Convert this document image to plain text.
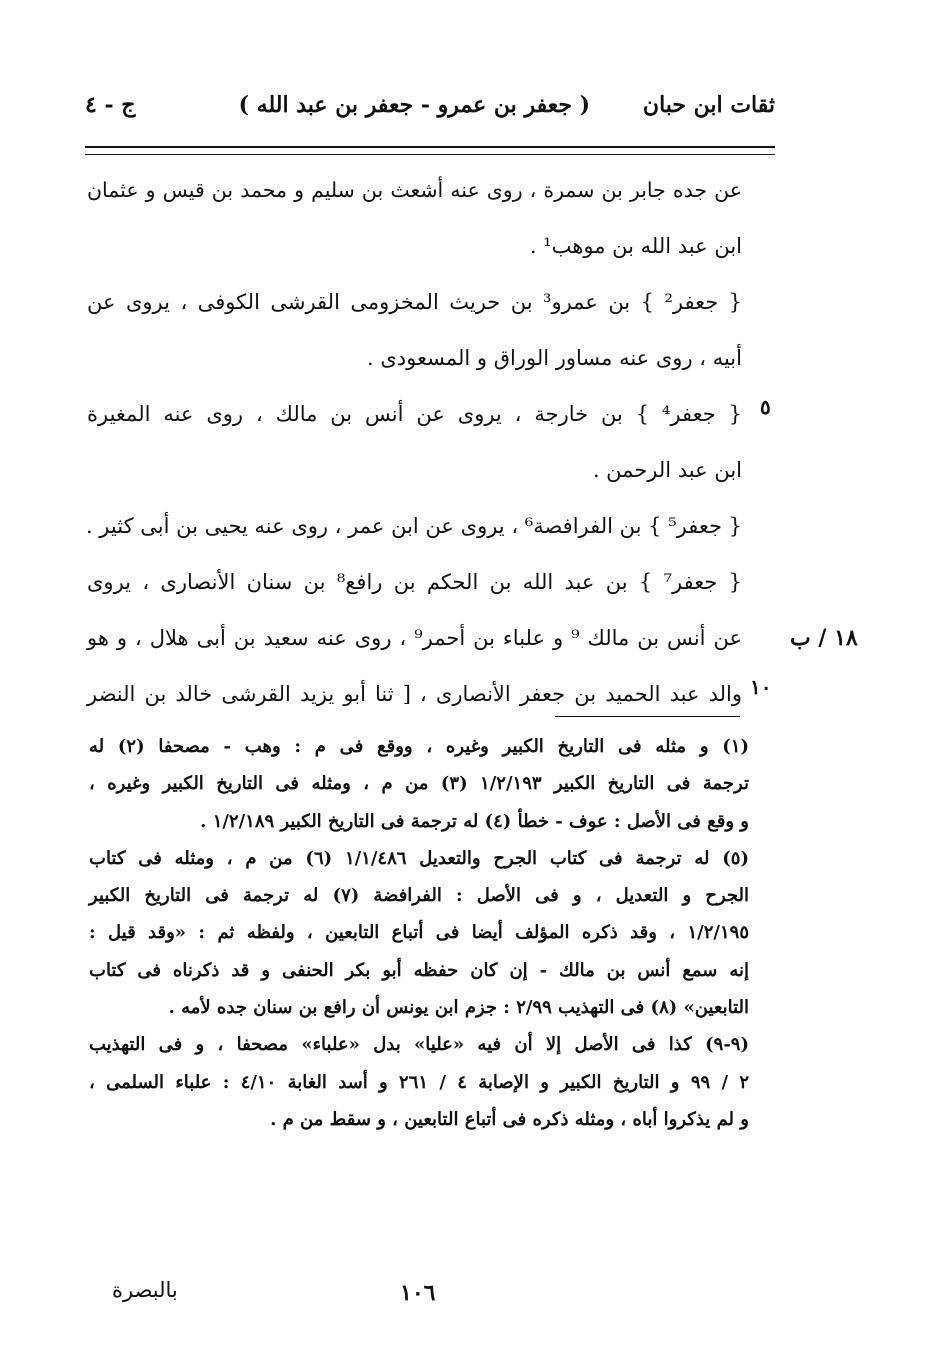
ثقات ابن حبان
( جعفر بن عمرو - جعفر بن عبد الله )
ج - ٤
عن جده جابر بن سمرة ، روى عنه أشعث بن سليم و محمد بن قيس و عثمان
ابن عبد الله بن موهب¹ .
{ جعفر² } بن عمرو³ بن حريث المخزومى القرشى الكوفى ، يروى عن
أبيه ، روى عنه مساور الوراق و المسعودى .
{ جعفر⁴ } بن خارجة ، يروى عن أنس بن مالك ، روى عنه المغيرة
ابن عبد الرحمن .
{ جعفر⁵ } بن الفرافصة⁶ ، يروى عن ابن عمر ، روى عنه يحيى بن أبى كثير .
{ جعفر⁷ } بن عبد الله بن الحكم بن رافع⁸ بن سنان الأنصارى ، يروى
عن أنس بن مالك ⁹ و علباء بن أحمر⁹ ، روى عنه سعيد بن أبى هلال ، و هو
والد عبد الحميد بن جعفر الأنصارى ، [ ثنا أبو يزيد القرشى خالد بن النضر
٥
١٠
١٨ / ب
(١) و مثله فى التاريخ الكبير وغيره ، ووقع فى م : وهب - مصحفا (٢) له
ترجمة فى التاريخ الكبير ١/٢/١٩٣ (٣) من م ، ومثله فى التاريخ الكبير وغيره ،
و وقع فى الأصل : عوف - خطأ (٤) له ترجمة فى التاريخ الكبير ١/٢/١٨٩ .
(٥) له ترجمة فى كتاب الجرح والتعديل ١/١/٤٨٦ (٦) من م ، ومثله فى كتاب
الجرح و التعديل ، و فى الأصل : الفرافضة (٧) له ترجمة فى التاريخ الكبير
١/٢/١٩٥ ، وقد ذكره المؤلف أيضا فى أتباع التابعين ، ولفظه ثم : «وقد قيل :
إنه سمع أنس بن مالك - إن كان حفظه أبو بكر الحنفى و قد ذكرناه فى كتاب
التابعين» (٨) فى التهذيب ٢/٩٩ : جزم ابن يونس أن رافع بن سنان جده لأمه .
(٩-٩) كذا فى الأصل إلا أن فيه «عليا» بدل «علباء» مصحفا ، و فى التهذيب
٢ / ٩٩ و التاريخ الكبير و الإصابة ٤ / ٢٦١ و أسد الغابة ٤/١٠ : علباء السلمى ،
و لم يذكروا أباه ، ومثله ذكره فى أتباع التابعين ، و سقط من م .
١٠٦
بالبصرة
